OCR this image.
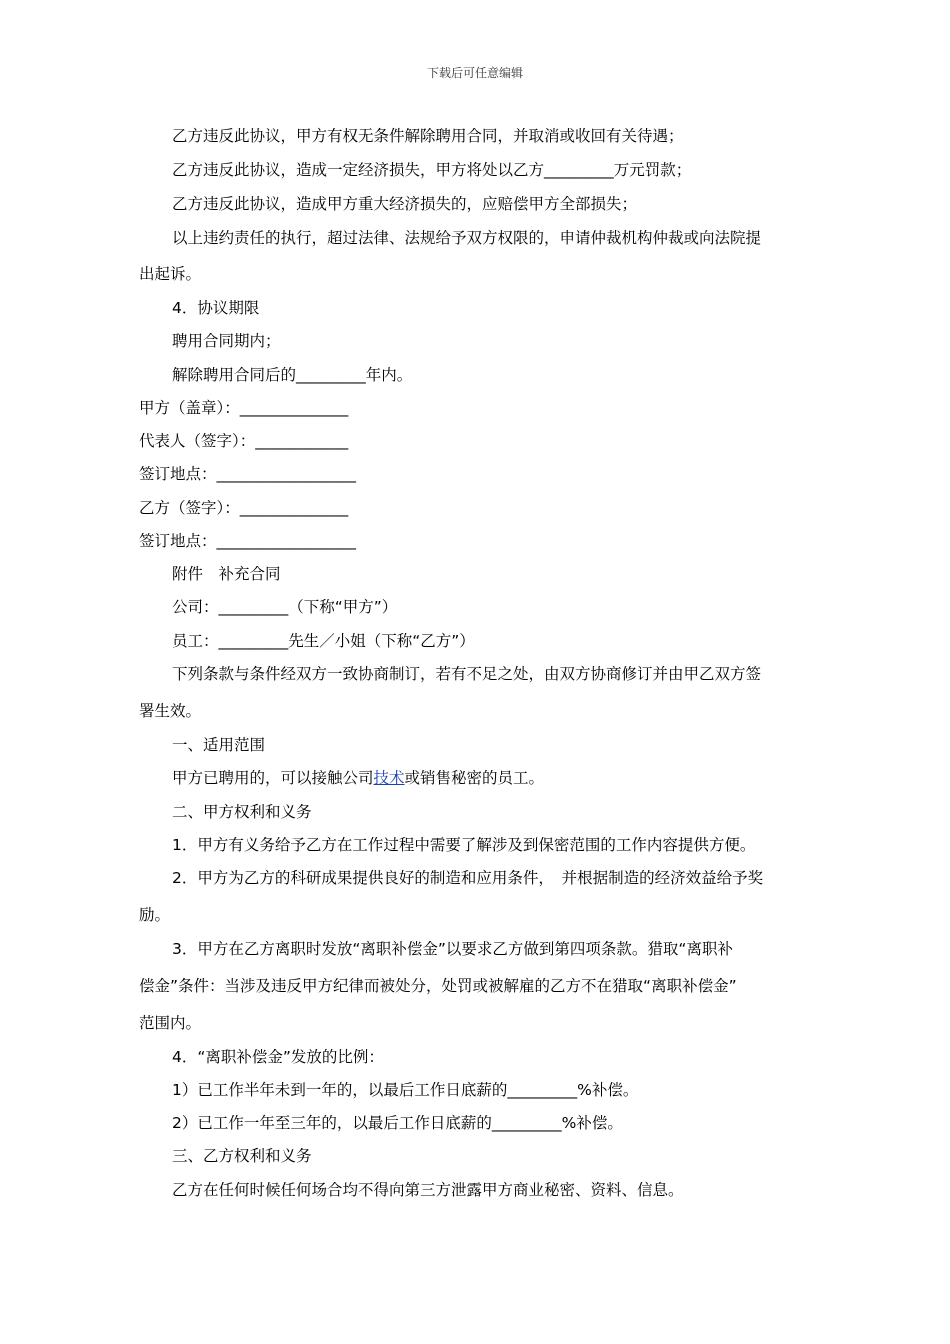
下载后可任意编辑
乙方违反此协议，甲方有权无条件解除聘用合同，并取消或收回有关待遇；
乙方违反此协议，造成一定经济损失，甲方将处以乙方_________万元罚款；
乙方违反此协议，造成甲方重大经济损失的，应赔偿甲方全部损失；
以上违约责任的执行，超过法律、法规给予双方权限的，申请仲裁机构仲裁或向法院提
出起诉。
4．协议期限
聘用合同期内；
解除聘用合同后的_________年内。
甲方（盖章）：______________
代表人（签字）：____________
签订地点：__________________
乙方（签字）：______________
签订地点：__________________
附件　补充合同
公司：_________（下称“甲方”）
员工：_________先生／小姐（下称“乙方”）
下列条款与条件经双方一致协商制订，若有不足之处，由双方协商修订并由甲乙双方签
署生效。
一、适用范围
甲方已聘用的，可以接触公司技术或销售秘密的员工。
二、甲方权利和义务
1．甲方有义务给予乙方在工作过程中需要了解涉及到保密范围的工作内容提供方便。
2．甲方为乙方的科研成果提供良好的制造和应用条件，　并根据制造的经济效益给予奖
励。
3．甲方在乙方离职时发放“离职补偿金”以要求乙方做到第四项条款。猎取“离职补
偿金”条件：当涉及违反甲方纪律而被处分，处罚或被解雇的乙方不在猎取“离职补偿金”
范围内。
4．“离职补偿金”发放的比例：
1）已工作半年未到一年的，以最后工作日底薪的_________%补偿。
2）已工作一年至三年的，以最后工作日底薪的_________%补偿。
三、乙方权利和义务
乙方在任何时候任何场合均不得向第三方泄露甲方商业秘密、资料、信息。
